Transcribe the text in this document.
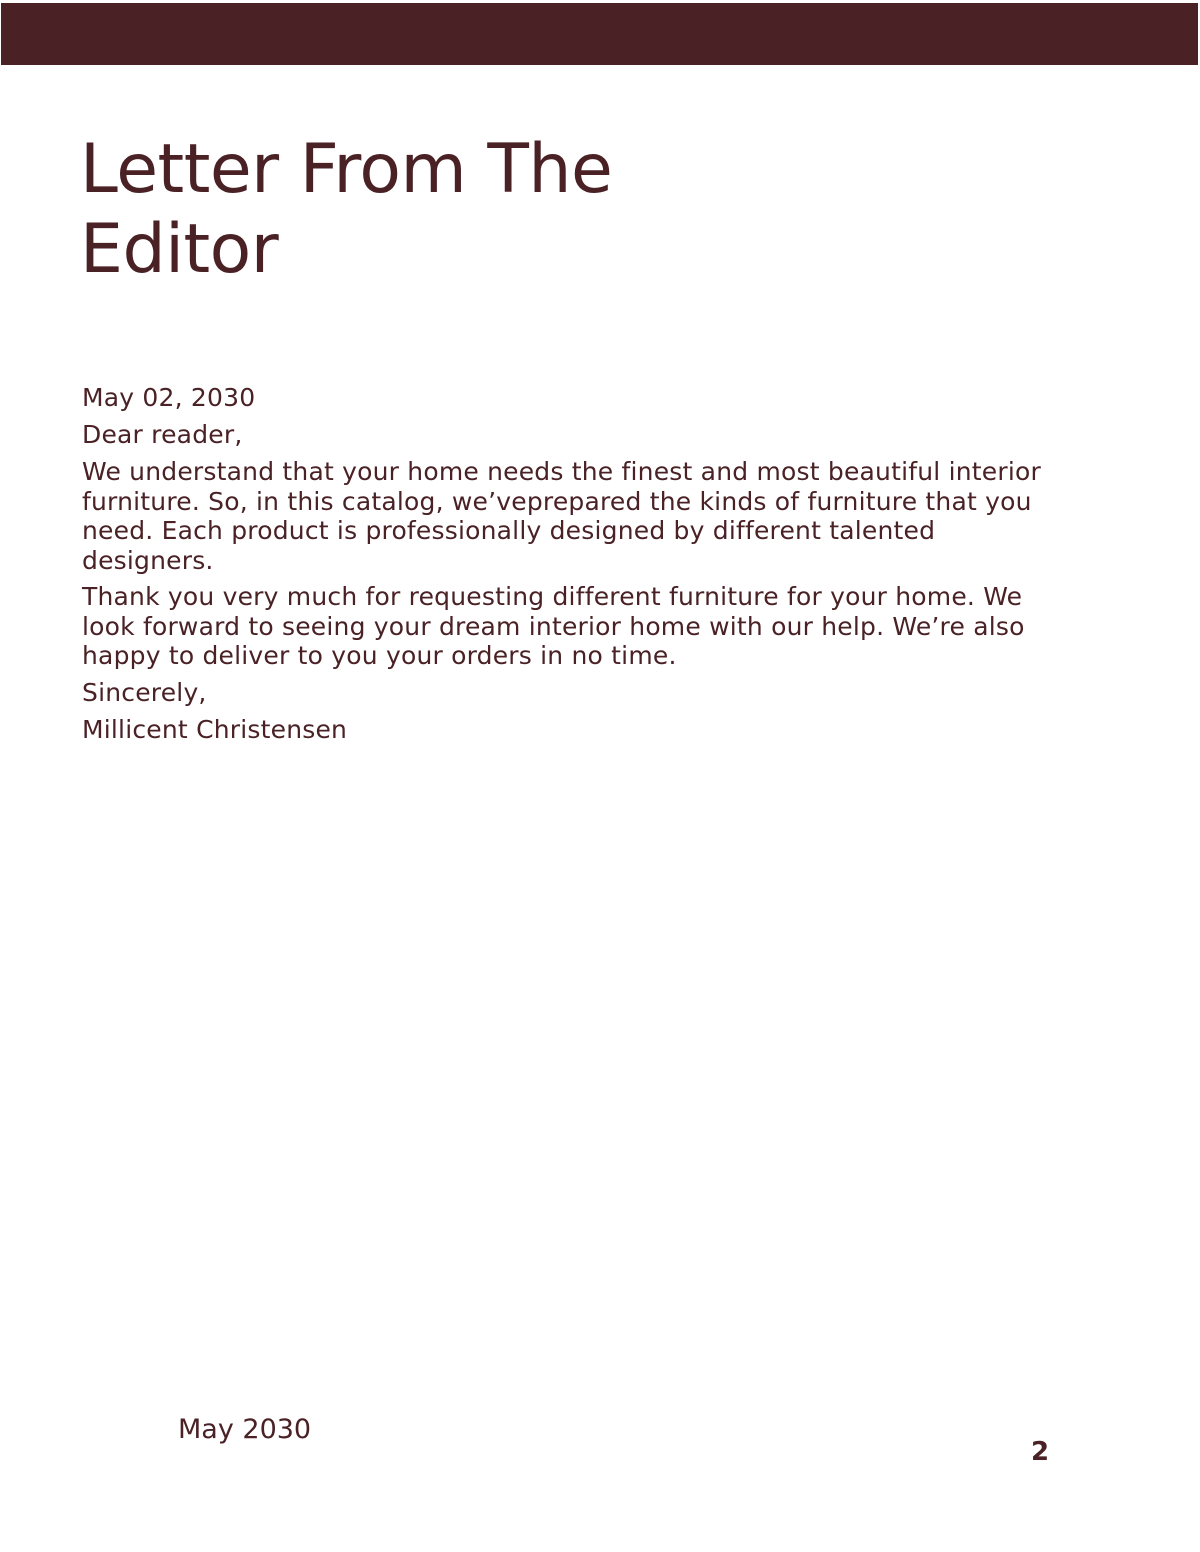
Letter From The
Editor

May 02, 2030

Dear reader,

We understand that your home needs the finest and most beautiful interior furniture. So, in this catalog, we’veprepared the kinds of furniture that you need. Each product is professionally designed by different talented designers.

Thank you very much for requesting different furniture for your home. We look forward to seeing your dream interior home with our help. We’re also happy to deliver to you your orders in no time.

Sincerely,

Millicent Christensen

May 2030
2
